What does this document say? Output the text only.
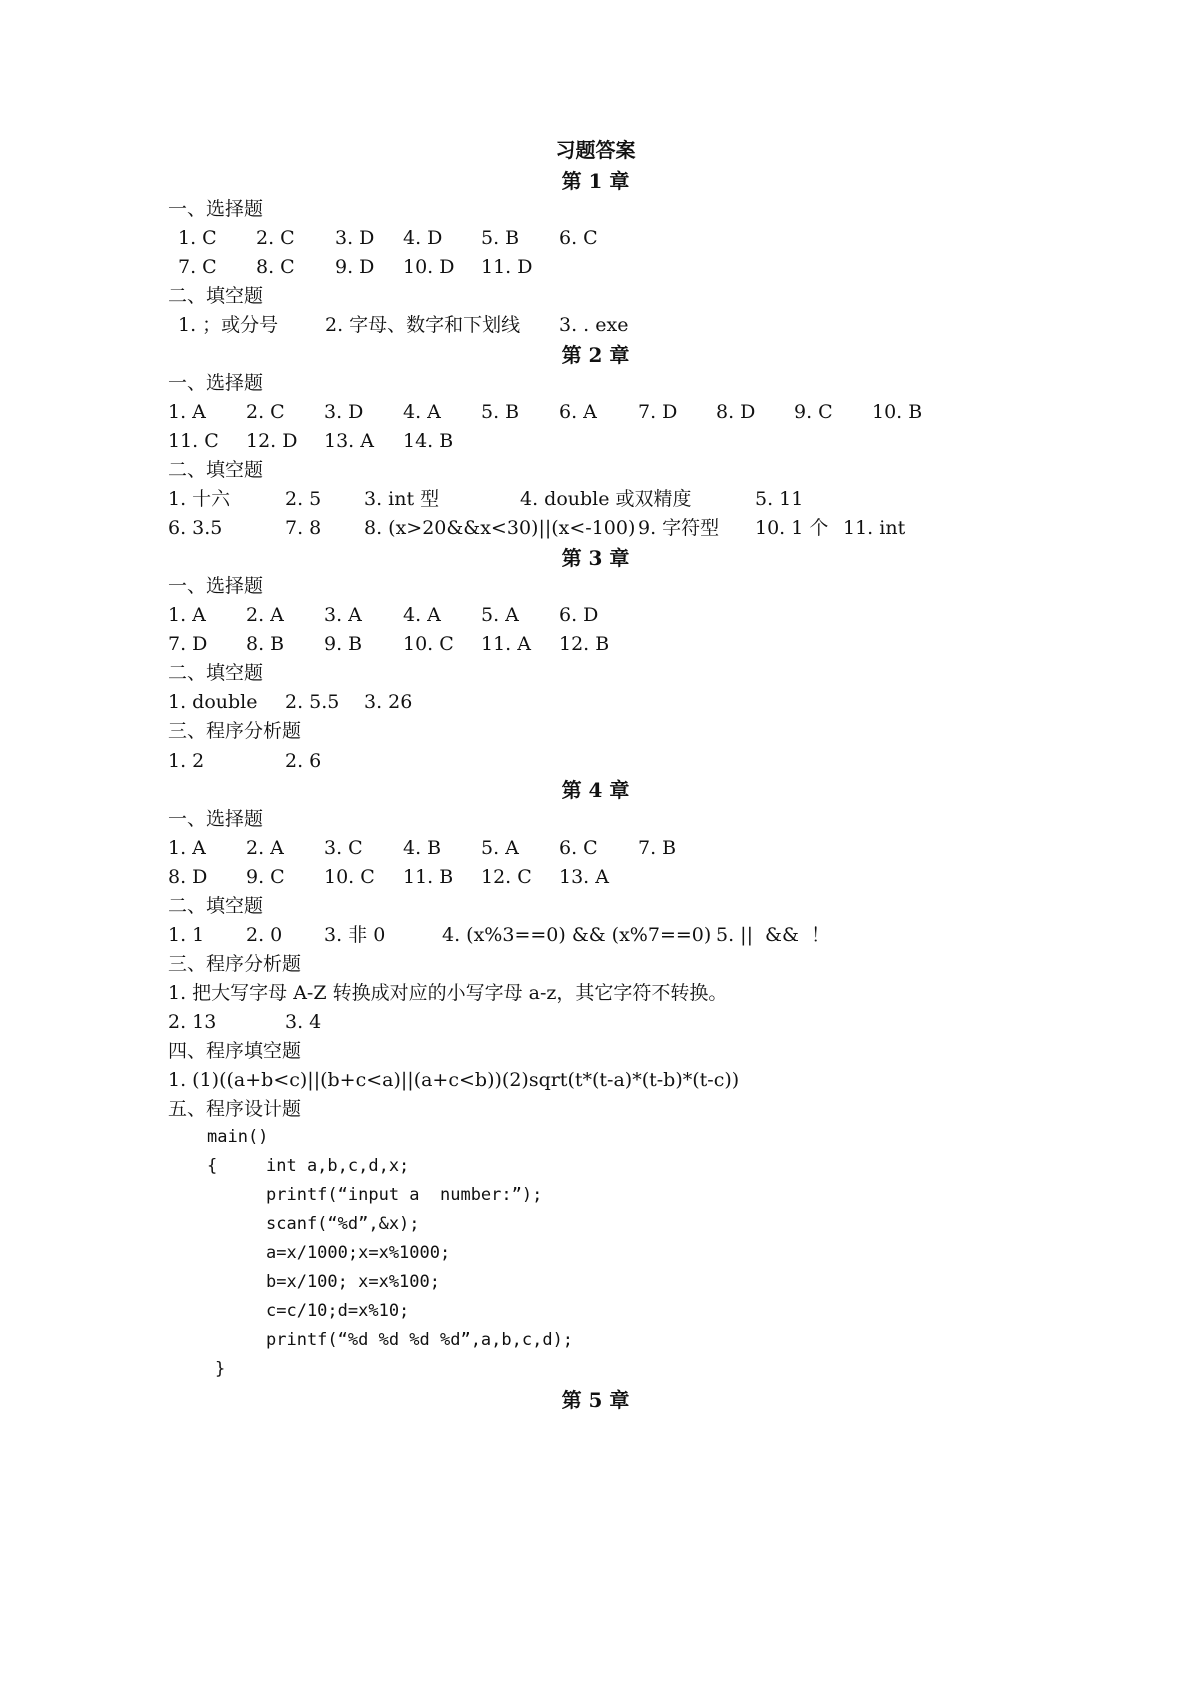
习题答案
第 1 章
一、选择题
1. C 2. C 3. D 4. D 5. B 6. C
7. C 8. C 9. D 10. D 11. D
二、填空题
1. ；或分号 2. 字母、数字和下划线 3. . exe
第 2 章
一、选择题
1. A 2. C 3. D 4. A 5. B 6. A 7. D 8. D 9. C 10. B
11. C 12. D 13. A 14. B
二、填空题
1. 十六	2. 5 3. int 型	4. double 或双精度	5. 11
6. 3.5	7. 8 8. (x>20&&x<30)||(x<-100) 9. 字符型 10. 1 个 11. int
第 3 章
一、选择题
1. A 2. A 3. A 4. A 5. A 6. D
7. D 8. B 9. B 10. C 11. A 12. B
二、填空题
1. double 2. 5.5 3. 26
三、程序分析题
1. 2	2. 6
第 4 章
一、选择题
1. A 2. A 3. C 4. B 5. A 6. C 7. B
8. D 9. C 10. C 11. B 12. C 13. A
二、填空题
1. 1 2. 0 3. 非 0	4. (x%3==0) && (x%7==0) 5. ||  &&  ！
三、程序分析题
1. 把大写字母 A-Z 转换成对应的小写字母 a-z，其它字符不转换。
2. 13	3. 4
四、程序填空题
1. (1)((a+b<c)||(b+c<a)||(a+c<b))(2)sqrt(t*(t-a)*(t-b)*(t-c))
五、程序设计题
main()
{	int a,b,c,d,x;
printf(“input a  number:”);
scanf(“%d”,&x);
a=x/1000;x=x%1000;
b=x/100; x=x%100;
c=c/10;d=x%10;
printf(“%d %d %d %d”,a,b,c,d);
}
第 5 章
